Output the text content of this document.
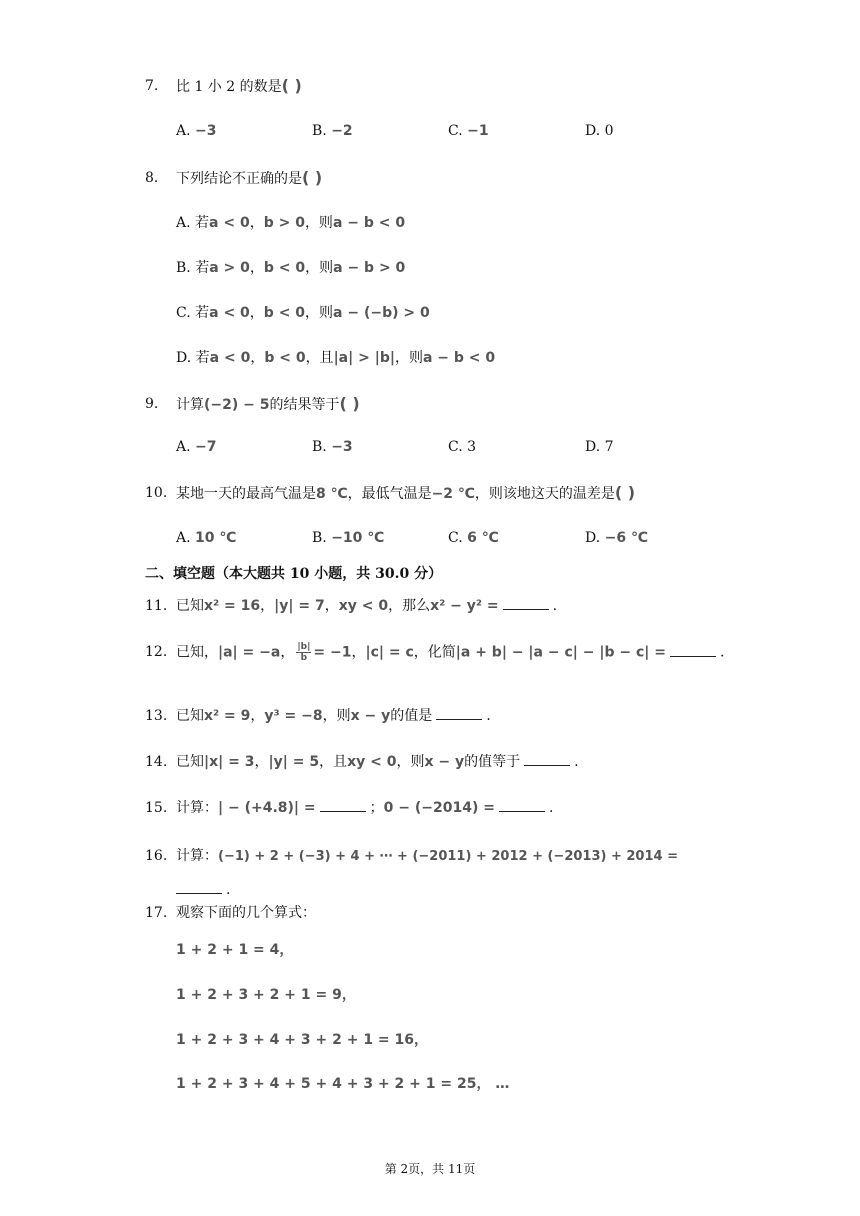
7. 比 1 小 2 的数是( )
A. −3	B. −2	C. −1	D. 0
8. 下列结论不正确的是( )
A. 若a < 0，b > 0，则a − b < 0
B. 若a > 0，b < 0，则a − b > 0
C. 若a < 0，b < 0，则a − (−b) > 0
D. 若a < 0，b < 0，且|a| > |b|，则a − b < 0
9. 计算(−2) − 5的结果等于( )
A. −7	B. −3	C. 3	D. 7
10. 某地一天的最高气温是8 ℃，最低气温是−2 ℃，则该地这天的温差是( )
A. 10 ℃	B. −10 ℃	C. 6 ℃	D. −6 ℃
二、填空题（本大题共 10 小题，共 30.0 分）
11. 已知x² = 16，|y| = 7，xy < 0，那么x² − y² =	.
12. 已知，|a| = −a， $\frac{|b|}{b} = -1$，|c| = c，化简|a + b| − |a − c| − |b − c| =	.
13. 已知x² = 9，y³ = −8，则x − y的值是	.
14. 已知|x| = 3，|y| = 5，且xy < 0，则x − y的值等于	.
15. 计算：| − (+4.8)| =	；0 − (−2014) =	.
16. 计算：(−1) + 2 + (−3) + 4 + ⋯ + (−2011) + 2012 + (−2013) + 2014 =
.
17. 观察下面的几个算式：
1 + 2 + 1 = 4，
1 + 2 + 3 + 2 + 1 = 9，
1 + 2 + 3 + 4 + 3 + 2 + 1 = 16，
1 + 2 + 3 + 4 + 5 + 4 + 3 + 2 + 1 = 25， …
第 2页，共 11页
